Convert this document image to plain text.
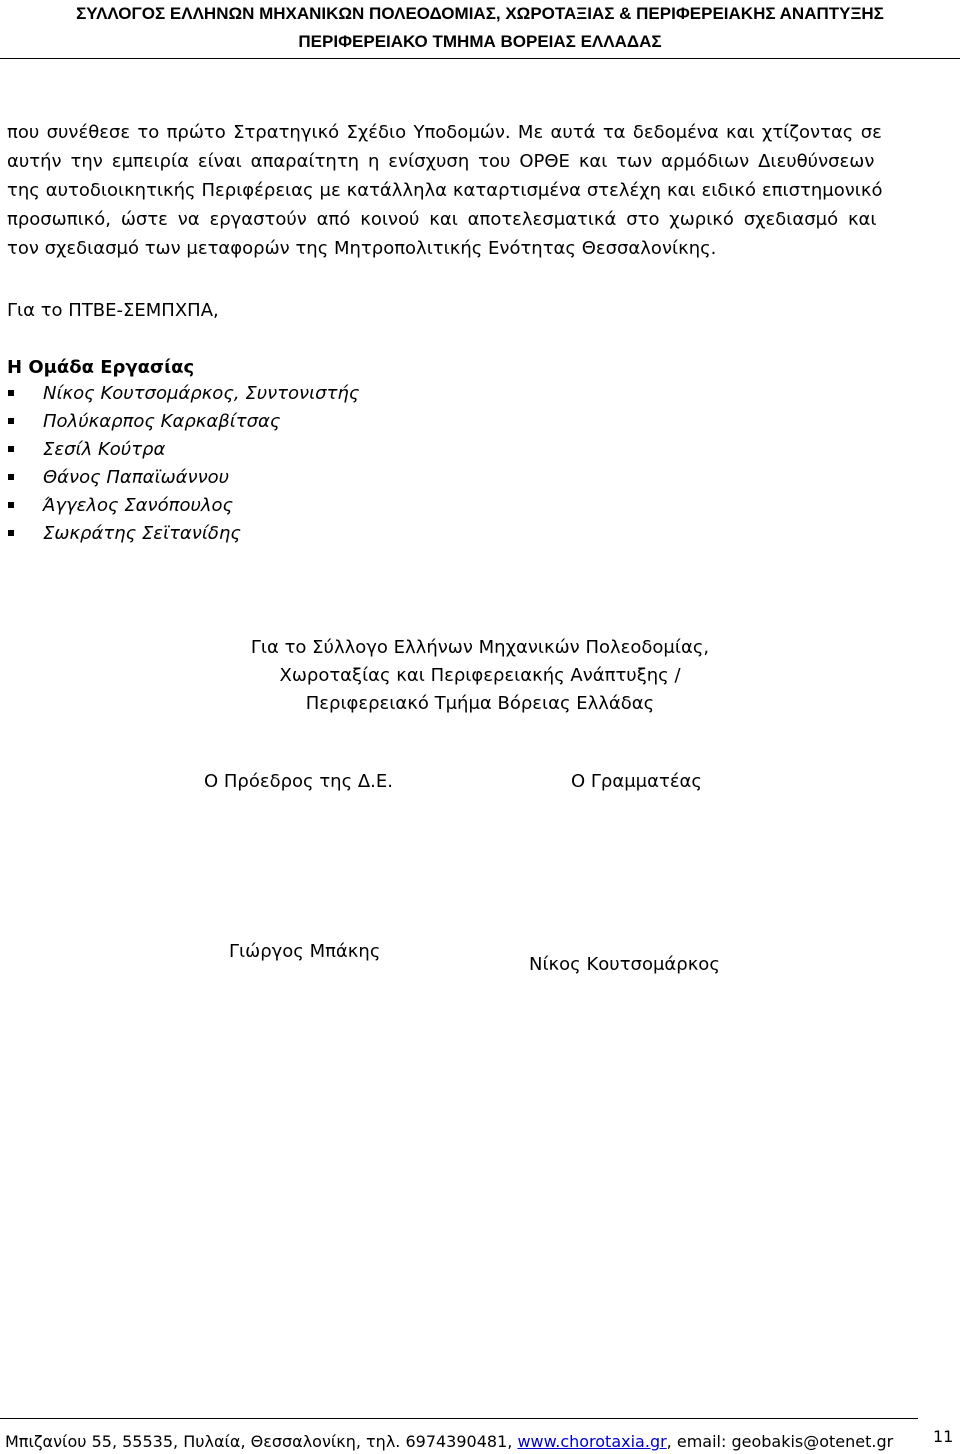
ΣΥΛΛΟΓΟΣ ΕΛΛΗΝΩΝ ΜΗΧΑΝΙΚΩΝ ΠΟΛΕΟΔΟΜΙΑΣ, ΧΩΡΟΤΑΞΙΑΣ & ΠΕΡΙΦΕΡΕΙΑΚΗΣ ΑΝΑΠΤΥΞΗΣ
ΠΕΡΙΦΕΡΕΙΑΚΟ ΤΜΗΜΑ ΒΟΡΕΙΑΣ ΕΛΛΑΔΑΣ
που συνέθεσε το πρώτο Στρατηγικό Σχέδιο Υποδομών. Με αυτά τα δεδομένα και χτίζοντας σε
αυτήν την εμπειρία είναι απαραίτητη η ενίσχυση του ΟΡΘΕ και των αρμόδιων Διευθύνσεων
της αυτοδιοικητικής Περιφέρειας με κατάλληλα καταρτισμένα στελέχη και ειδικό επιστημονικό
προσωπικό, ώστε να εργαστούν από κοινού και αποτελεσματικά στο χωρικό σχεδιασμό και
τον σχεδιασμό των μεταφορών της Μητροπολιτικής Ενότητας Θεσσαλονίκης.
Για το ΠΤΒΕ-ΣΕΜΠΧΠΑ,
Η Ομάδα Εργασίας
Νίκος Κουτσομάρκος, Συντονιστής
Πολύκαρπος Καρκαβίτσας
Σεσίλ Κούτρα
Θάνος Παπαϊωάννου
Άγγελος Σανόπουλος
Σωκράτης Σεϊτανίδης
Για το Σύλλογο Ελλήνων Μηχανικών Πολεοδομίας,
Χωροταξίας και Περιφερειακής Ανάπτυξης /
Περιφερειακό Τμήμα Βόρειας Ελλάδας
Ο Πρόεδρος της Δ.Ε.	Ο Γραμματέας
Γιώργος Μπάκης
Νίκος Κουτσομάρκος
Μπιζανίου 55, 55535, Πυλαία, Θεσσαλονίκη, τηλ. 6974390481, www.chorotaxia.gr, email: geobakis@otenet.gr 11
